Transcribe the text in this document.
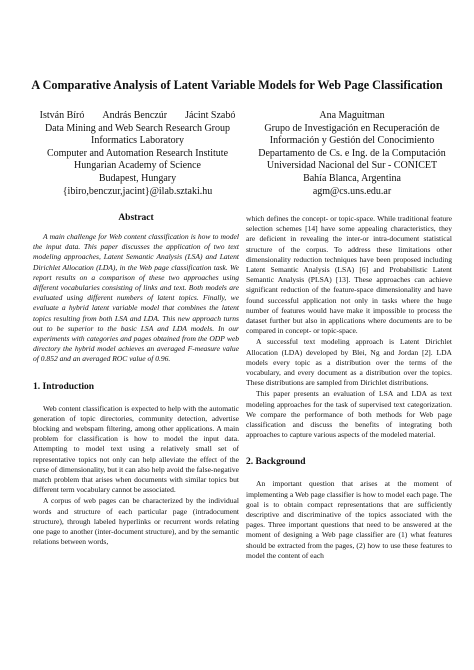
A Comparative Analysis of Latent Variable Models for Web Page Classification
István Bíró András Benczúr Jácint Szabó
Data Mining and Web Search Research Group
Informatics Laboratory
Computer and Automation Research Institute
Hungarian Academy of Science
Budapest, Hungary
{ibiro,benczur,jacint}@ilab.sztaki.hu
Ana Maguitman
Grupo de Investigación en Recuperación de
Información y Gestión del Conocimiento
Departamento de Cs. e Ing. de la Computación
Universidad Nacional del Sur - CONICET
Bahía Blanca, Argentina
agm@cs.uns.edu.ar
Abstract

A main challenge for Web content classification is how to model the input data. This paper discusses the application of two text modeling approaches, Latent Semantic Analysis (LSA) and Latent Dirichlet Allocation (LDA), in the Web page classification task. We report results on a comparison of these two approaches using different vocabularies consisting of links and text. Both models are evaluated using different numbers of latent topics. Finally, we evaluate a hybrid latent variable model that combines the latent topics resulting from both LSA and LDA. This new approach turns out to be superior to the basic LSA and LDA models. In our experiments with categories and pages obtained from the ODP web directory the hybrid model achieves an averaged F-measure value of 0.852 and an averaged ROC value of 0.96.

1. Introduction

Web content classification is expected to help with the automatic generation of topic directories, community detection, advertise blocking and webspam filtering, among other applications. A main problem for classification is how to model the input data. Attempting to model text using a relatively small set of representative topics not only can help alleviate the effect of the curse of dimensionality, but it can also help avoid the false-negative match problem that arises when documents with similar topics but different term vocabulary cannot be associated.

A corpus of web pages can be characterized by the individual words and structure of each particular page (intradocument structure), through labeled hyperlinks or recurrent words relating one page to another (inter-document structure), and by the semantic relations between words,

which defines the concept- or topic-space. While traditional feature selection schemes [14] have some appealing characteristics, they are deficient in revealing the inter-or intra-document statistical structure of the corpus. To address these limitations other dimensionality reduction techniques have been proposed including Latent Semantic Analysis (LSA) [6] and Probabilistic Latent Semantic Analysis (PLSA) [13]. These approaches can achieve significant reduction of the feature-space dimensionality and have found successful application not only in tasks where the huge number of features would have make it impossible to process the dataset further but also in applications where documents are to be compared in concept- or topic-space.

A successful text modeling approach is Latent Dirichlet Allocation (LDA) developed by Blei, Ng and Jordan [2]. LDA models every topic as a distribution over the terms of the vocabulary, and every document as a distribution over the topics. These distributions are sampled from Dirichlet distributions.

This paper presents an evaluation of LSA and LDA as text modeling approaches for the task of supervised text categorization. We compare the performance of both methods for Web page classification and discuss the benefits of integrating both approaches to capture various aspects of the modeled material.

2. Background

An important question that arises at the moment of implementing a Web page classifier is how to model each page. The goal is to obtain compact representations that are sufficiently descriptive and discriminative of the topics associated with the pages. Three important questions that need to be answered at the moment of designing a Web page classifier are (1) what features should be extracted from the pages, (2) how to use these features to model the content of each
